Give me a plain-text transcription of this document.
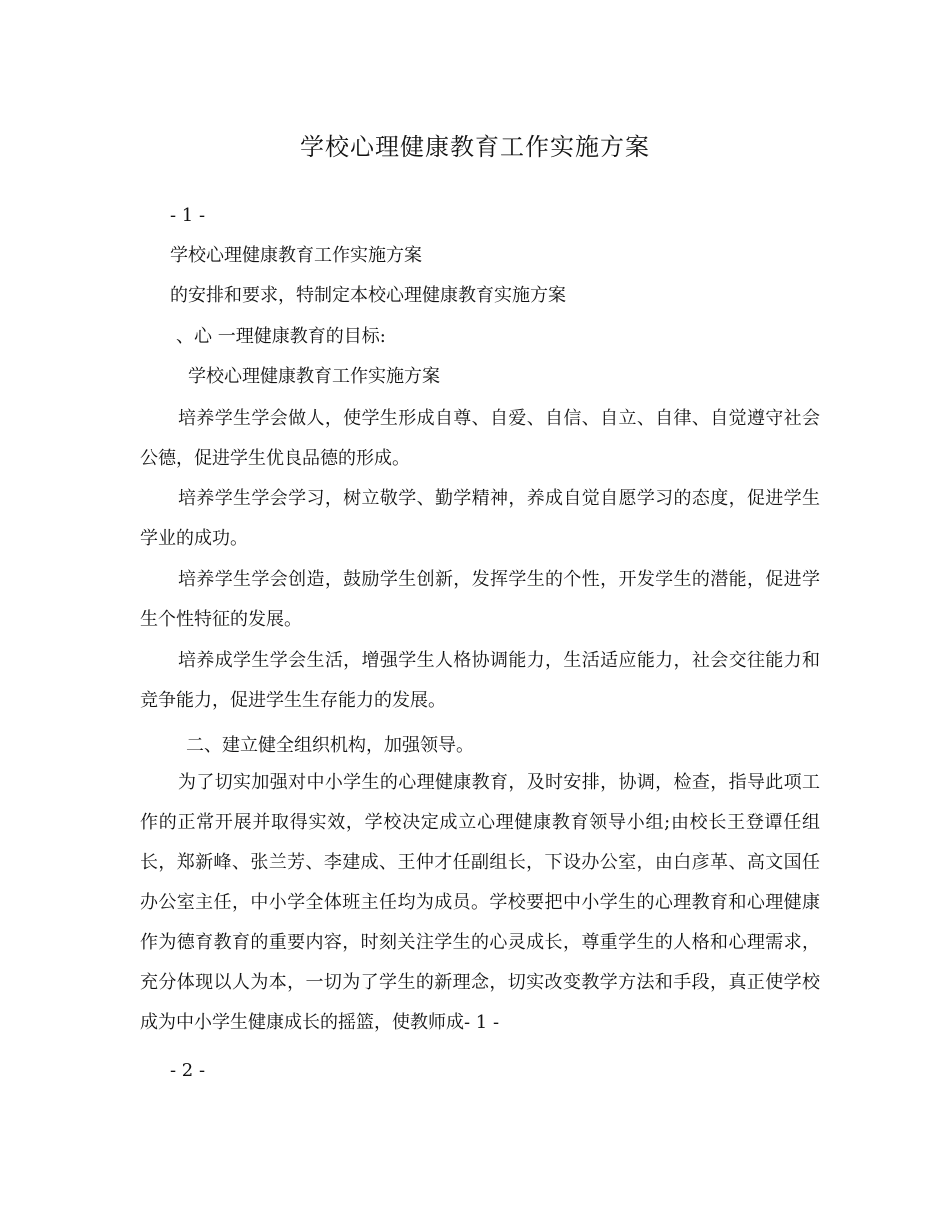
学校心理健康教育工作实施方案
- 1 -
学校心理健康教育工作实施方案
的安排和要求，特制定本校心理健康教育实施方案
、心 一理健康教育的目标:
学校心理健康教育工作实施方案
培养学生学会做人，使学生形成自尊、自爱、自信、自立、自律、自觉遵守社会公德，促进学生优良品德的形成。
培养学生学会学习，树立敬学、勤学精神，养成自觉自愿学习的态度，促进学生学业的成功。
培养学生学会创造，鼓励学生创新，发挥学生的个性，开发学生的潜能，促进学生个性特征的发展。
培养成学生学会生活，增强学生人格协调能力，生活适应能力，社会交往能力和竞争能力，促进学生生存能力的发展。
二、建立健全组织机构，加强领导。
为了切实加强对中小学生的心理健康教育，及时安排，协调，检查，指导此项工作的正常开展并取得实效，学校决定成立心理健康教育领导小组;由校长王登谭任组长，郑新峰、张兰芳、李建成、王仲才任副组长，下设办公室，由白彦革、高文国任办公室主任，中小学全体班主任均为成员。学校要把中小学生的心理教育和心理健康作为德育教育的重要内容，时刻关注学生的心灵成长，尊重学生的人格和心理需求，充分体现以人为本，一切为了学生的新理念，切实改变教学方法和手段，真正使学校成为中小学生健康成长的摇篮，使教师成- 1 -
- 2 -
